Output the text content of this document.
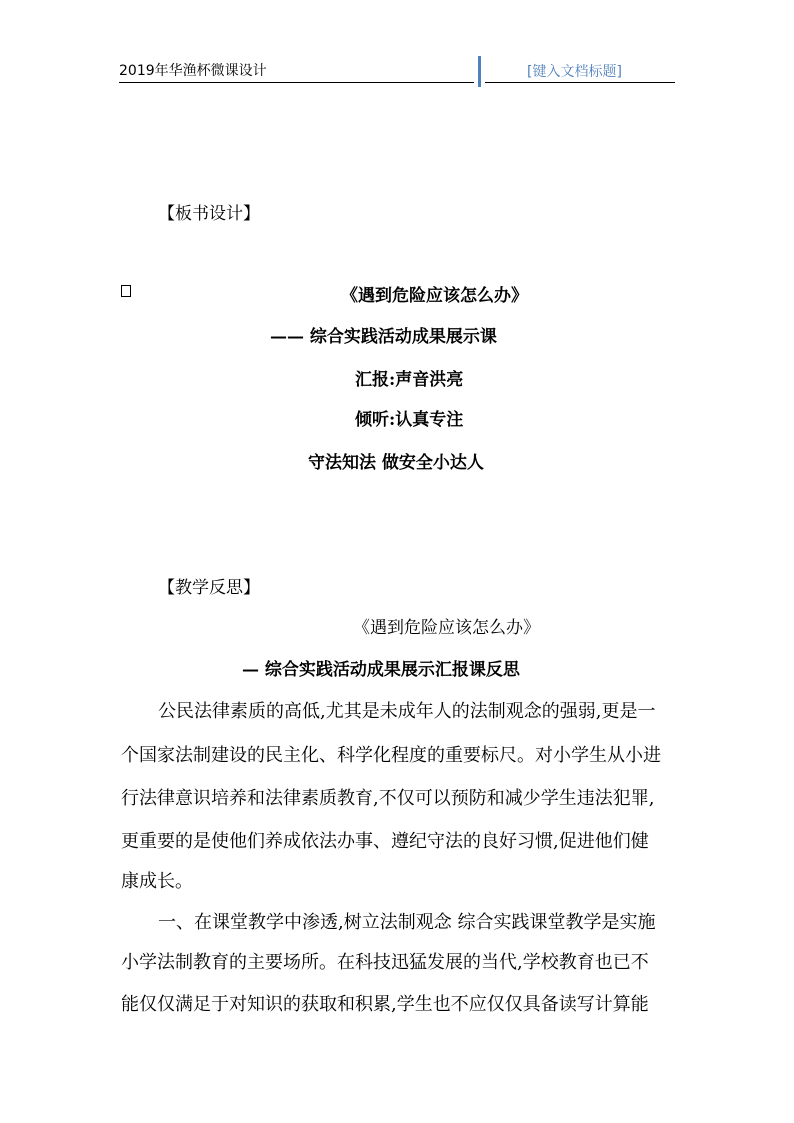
2019年华渔杯微课设计	[键入文档标题]
【板书设计】
《遇到危险应该怎么办》
—— 综合实践活动成果展示课
汇报:声音洪亮
倾听:认真专注
守法知法 做安全小达人
【教学反思】
《遇到危险应该怎么办》
— 综合实践活动成果展示汇报课反思
公民法律素质的高低,尤其是未成年人的法制观念的强弱,更是一
个国家法制建设的民主化、科学化程度的重要标尺。对小学生从小进
行法律意识培养和法律素质教育,不仅可以预防和减少学生违法犯罪,
更重要的是使他们养成依法办事、遵纪守法的良好习惯,促进他们健
康成长。
一、在课堂教学中渗透,树立法制观念 综合实践课堂教学是实施
小学法制教育的主要场所。在科技迅猛发展的当代,学校教育也已不
能仅仅满足于对知识的获取和积累,学生也不应仅仅具备读写计算能
